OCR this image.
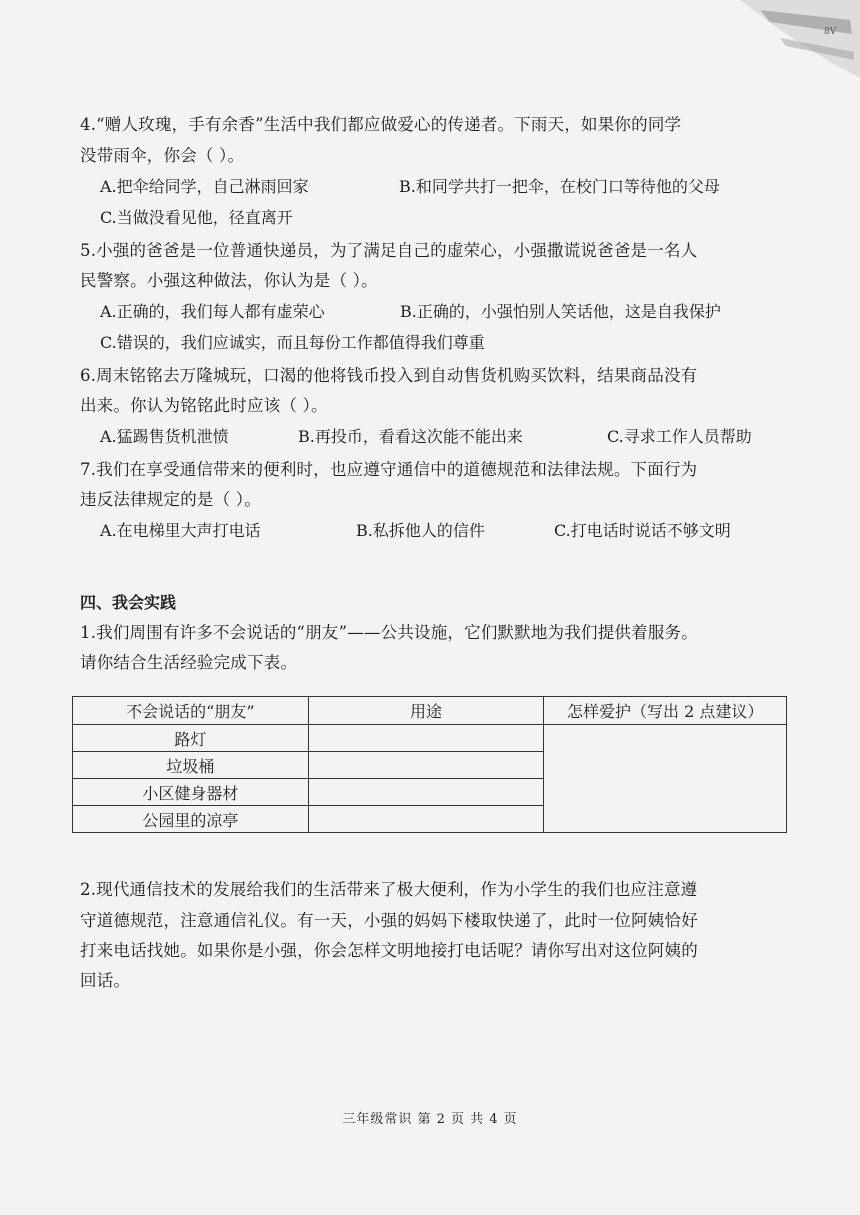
8V
4.“赠人玫瑰，手有余香”生活中我们都应做爱心的传递者。下雨天，如果你的同学
没带雨伞，你会（ ）。
A.把伞给同学，自己淋雨回家	B.和同学共打一把伞，在校门口等待他的父母
C.当做没看见他，径直离开
5.小强的爸爸是一位普通快递员，为了满足自己的虚荣心，小强撒谎说爸爸是一名人
民警察。小强这种做法，你认为是（ ）。
A.正确的，我们每人都有虚荣心	B.正确的，小强怕别人笑话他，这是自我保护
C.错误的，我们应诚实，而且每份工作都值得我们尊重
6.周末铭铭去万隆城玩，口渴的他将钱币投入到自动售货机购买饮料，结果商品没有
出来。你认为铭铭此时应该（ ）。
A.猛踢售货机泄愤	B.再投币，看看这次能不能出来	C.寻求工作人员帮助
7.我们在享受通信带来的便利时，也应遵守通信中的道德规范和法律法规。下面行为
违反法律规定的是（ ）。
A.在电梯里大声打电话	B.私拆他人的信件	C.打电话时说话不够文明
四、我会实践
1.我们周围有许多不会说话的“朋友”——公共设施，它们默默地为我们提供着服务。
请你结合生活经验完成下表。
不会说话的“朋友”	用途	怎样爱护（写出 2 点建议）
路灯		
垃圾桶		
小区健身器材		
公园里的凉亭		
2.现代通信技术的发展给我们的生活带来了极大便利，作为小学生的我们也应注意遵
守道德规范，注意通信礼仪。有一天，小强的妈妈下楼取快递了，此时一位阿姨恰好
打来电话找她。如果你是小强，你会怎样文明地接打电话呢？请你写出对这位阿姨的
回话。
三年级常识 第 2 页 共 4 页
